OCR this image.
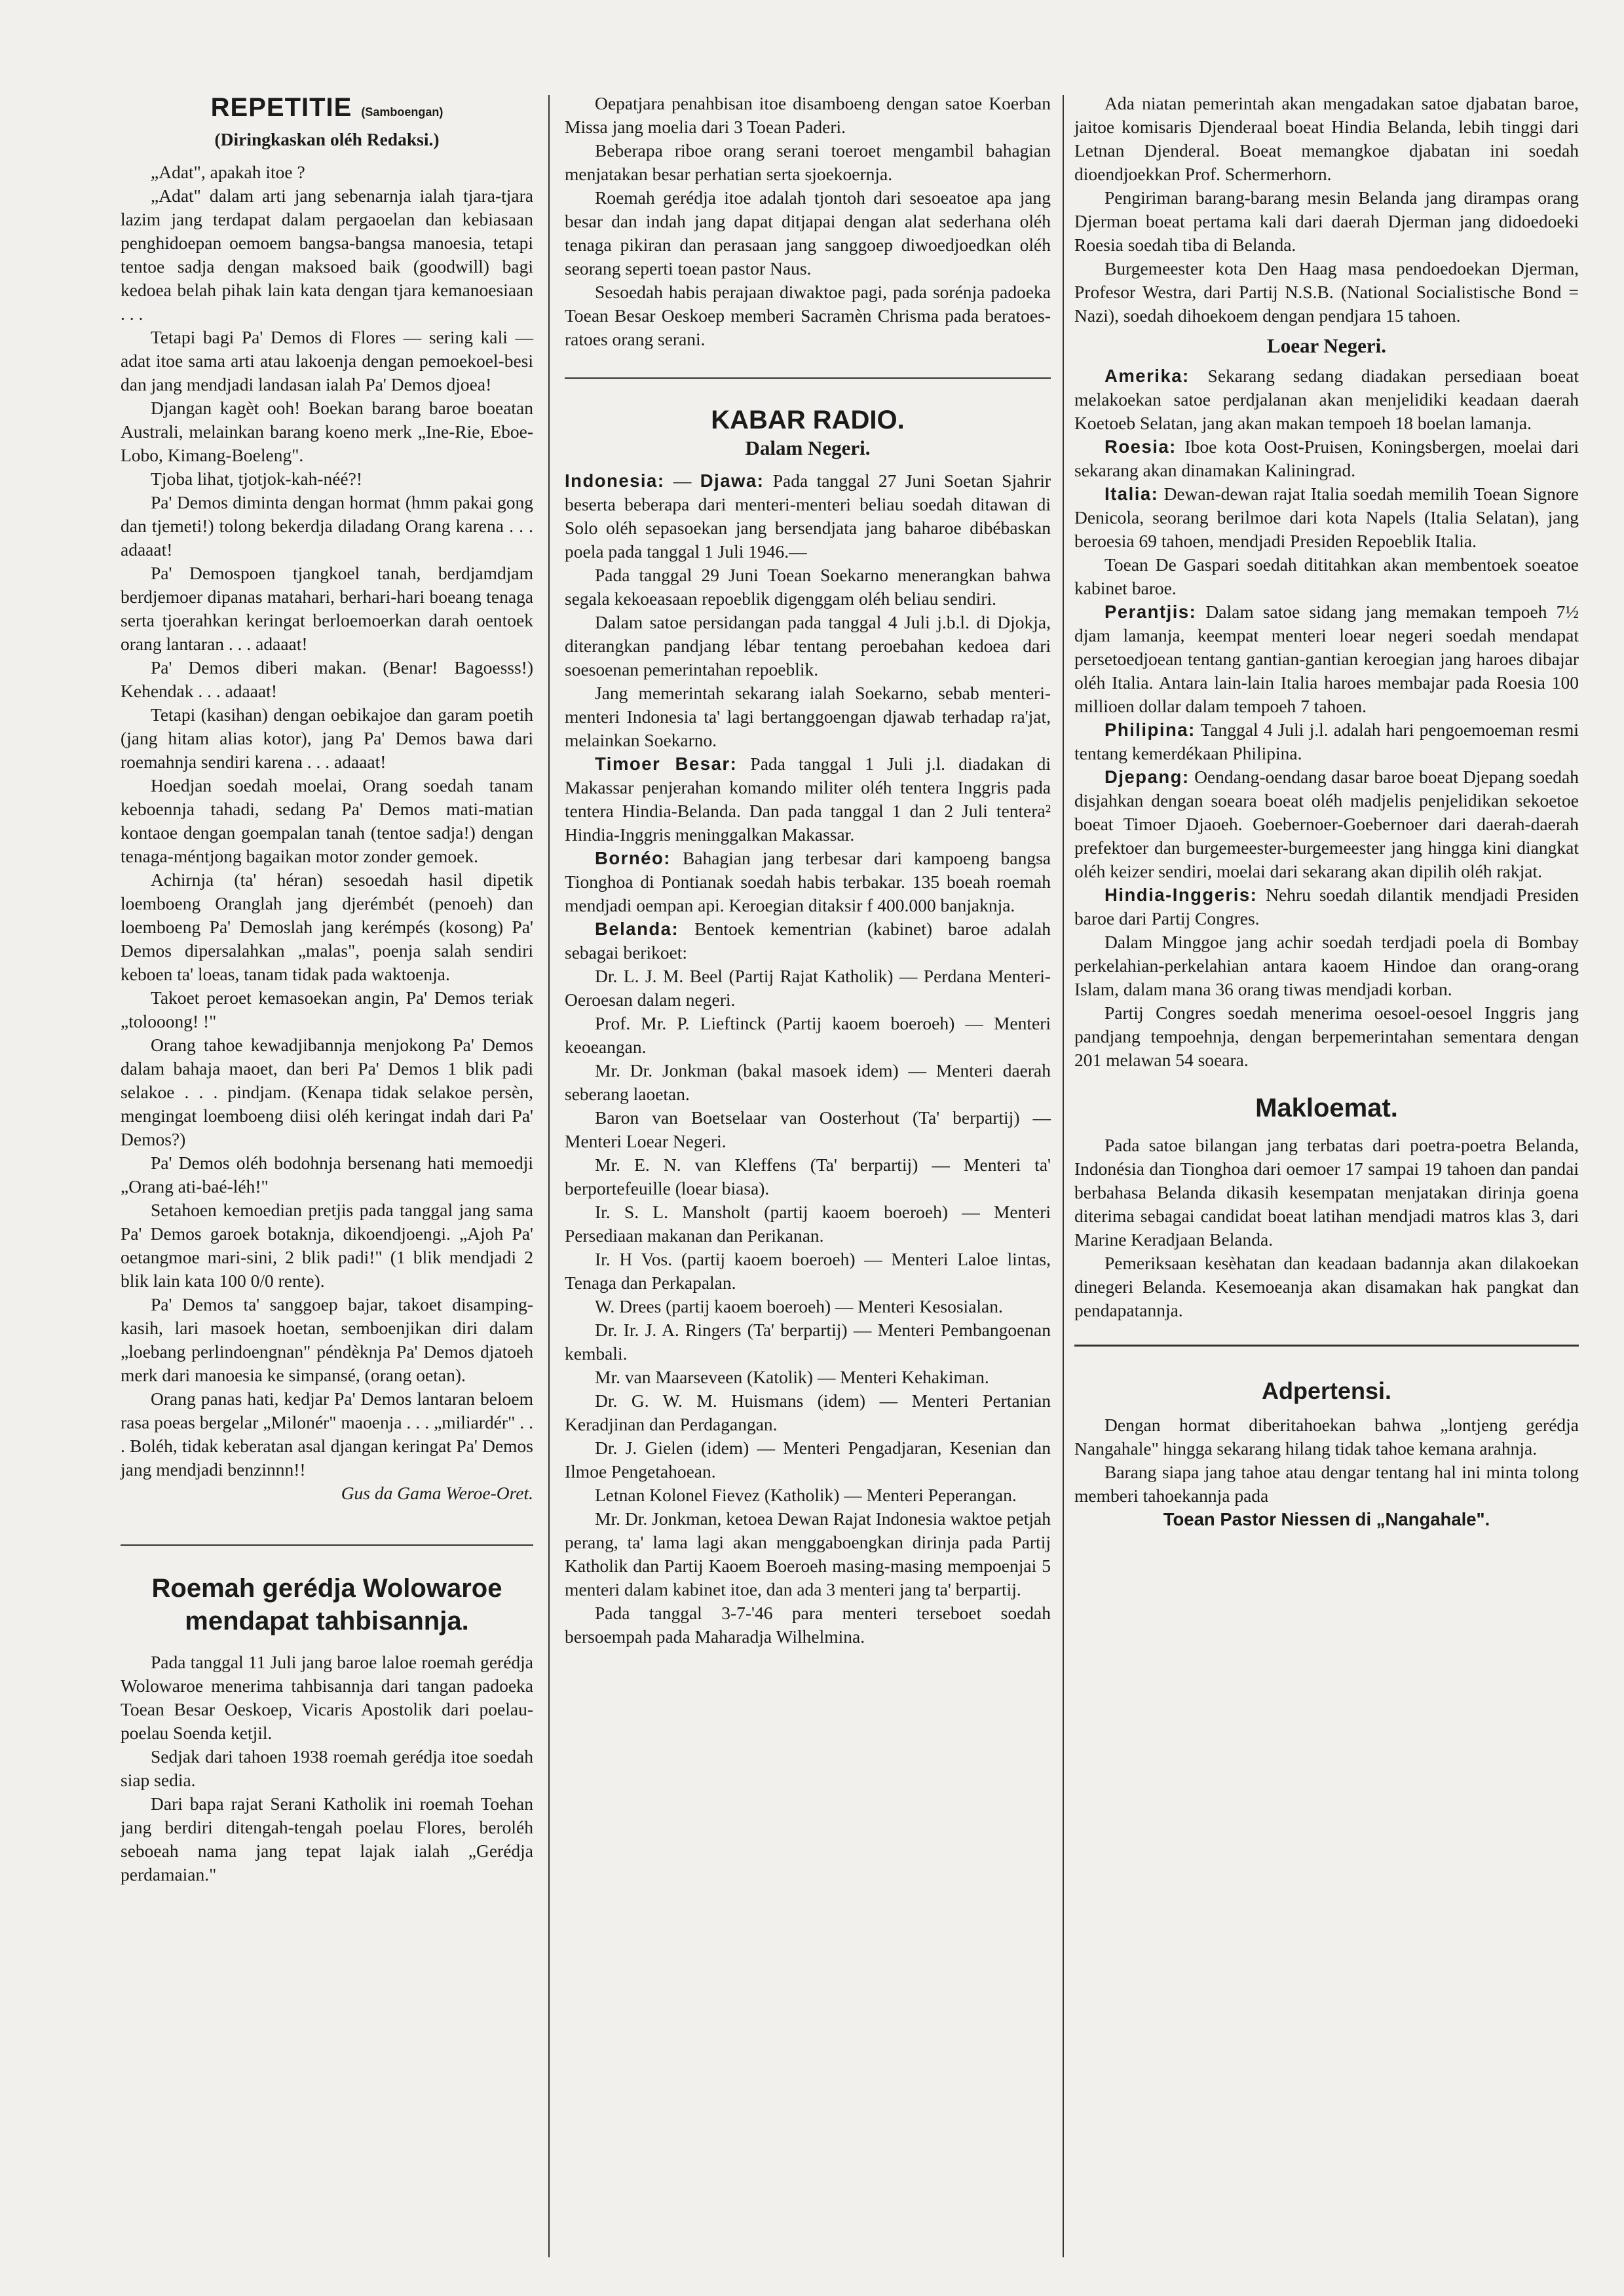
REPETITIE (Samboengan)
(Diringkaskan oléh Redaksi.)

„Adat", apakah itoe ?

„Adat" dalam arti jang sebenarnja ialah tjara-tjara lazim jang terdapat dalam pergaoelan dan kebiasaan penghidoepan oemoem bangsa-bangsa manoesia, tetapi tentoe sadja dengan maksoed baik (goodwill) bagi kedoea belah pihak lain kata dengan tjara kemanoesiaan . . .

Tetapi bagi Pa' Demos di Flores — sering kali — adat itoe sama arti atau lakoenja dengan pemoekoel-besi dan jang mendjadi landasan ialah Pa' Demos djoea!

Djangan kagèt ooh! Boekan barang baroe boeatan Australi, melainkan barang koeno merk „Ine-Rie, Eboe-Lobo, Kimang-Boeleng".

Tjoba lihat, tjotjok-kah-néé?!

Pa' Demos diminta dengan hormat (hmm pakai gong dan tjemeti!) tolong bekerdja diladang Orang karena . . . adaaat!

Pa' Demospoen tjangkoel tanah, berdjamdjam berdjemoer dipanas matahari, berhari-hari boeang tenaga serta tjoerahkan keringat berloemoerkan darah oentoek orang lantaran . . . adaaat!

Pa' Demos diberi makan. (Benar! Bagoesss!) Kehendak . . . adaaat!

Tetapi (kasihan) dengan oebikajoe dan garam poetih (jang hitam alias kotor), jang Pa' Demos bawa dari roemahnja sendiri karena . . . adaaat!

Hoedjan soedah moelai, Orang soedah tanam keboennja tahadi, sedang Pa' Demos mati-matian kontaoe dengan goempalan tanah (tentoe sadja!) dengan tenaga-méntjong bagaikan motor zonder gemoek.

Achirnja (ta' héran) sesoedah hasil dipetik loemboeng Oranglah jang djerémbét (penoeh) dan loemboeng Pa' Demoslah jang kerémpés (kosong) Pa' Demos dipersalahkan „malas", poenja salah sendiri keboen ta' loeas, tanam tidak pada waktoenja.

Takoet peroet kemasoekan angin, Pa' Demos teriak „tolooong! !"

Orang tahoe kewadjibannja menjokong Pa' Demos dalam bahaja maoet, dan beri Pa' Demos 1 blik padi selakoe . . . pindjam. (Kenapa tidak selakoe persèn, mengingat loemboeng diisi oléh keringat indah dari Pa' Demos?)

Pa' Demos oléh bodohnja bersenang hati memoedji „Orang ati-baé-léh!"

Setahoen kemoedian pretjis pada tanggal jang sama Pa' Demos garoek botaknja, dikoendjoengi. „Ajoh Pa' oetangmoe mari-sini, 2 blik padi!" (1 blik mendjadi 2 blik lain kata 100 0/0 rente).

Pa' Demos ta' sanggoep bajar, takoet disamping-kasih, lari masoek hoetan, semboenjikan diri dalam „loebang perlindoengnan" péndèknja Pa' Demos djatoeh merk dari manoesia ke simpansé, (orang oetan).

Orang panas hati, kedjar Pa' Demos lantaran beloem rasa poeas bergelar „Milonér" maoenja . . . „miliardér" . . . Boléh, tidak keberatan asal djangan keringat Pa' Demos jang mendjadi benzinnn!!

Gus da Gama Weroe-Oret.
Roemah gerédja Wolowaroe mendapat tahbisannja.

Pada tanggal 11 Juli jang baroe laloe roemah gerédja Wolowaroe menerima tahbisannja dari tangan padoeka Toean Besar Oeskoep, Vicaris Apostolik dari poelau-poelau Soenda ketjil.

Sedjak dari tahoen 1938 roemah gerédja itoe soedah siap sedia.

Dari bapa rajat Serani Katholik ini roemah Toehan jang berdiri ditengah-tengah poelau Flores, beroléh seboeah nama jang tepat lajak ialah „Gerédja perdamaian."

Oepatjara penahbisan itoe disamboeng dengan satoe Koerban Missa jang moelia dari 3 Toean Paderi.

Beberapa riboe orang serani toeroet mengambil bahagian menjatakan besar perhatian serta sjoekoernja.

Roemah gerédja itoe adalah tjontoh dari sesoeatoe apa jang besar dan indah jang dapat ditjapai dengan alat sederhana oléh tenaga pikiran dan perasaan jang sanggoep diwoedjoedkan oléh seorang seperti toean pastor Naus.

Sesoedah habis perajaan diwaktoe pagi, pada sorénja padoeka Toean Besar Oeskoep memberi Sacramèn Chrisma pada beratoes-ratoes orang serani.

KABAR RADIO.
Dalam Negeri.

Indonesia: — Djawa: Pada tanggal 27 Juni Soetan Sjahrir beserta beberapa dari menteri-menteri beliau soedah ditawan di Solo oléh sepasoekan jang bersendjata jang baharoe dibébaskan poela pada tanggal 1 Juli 1946.—

Pada tanggal 29 Juni Toean Soekarno menerangkan bahwa segala kekoeasaan repoeblik digenggam oléh beliau sendiri.

Dalam satoe persidangan pada tanggal 4 Juli j.b.l. di Djokja, diterangkan pandjang lébar tentang peroebahan kedoea dari soesoenan pemerintahan repoeblik.

Jang memerintah sekarang ialah Soekarno, sebab menteri-menteri Indonesia ta' lagi bertanggoengan djawab terhadap ra'jat, melainkan Soekarno.

Timoer Besar: Pada tanggal 1 Juli j.l. diadakan di Makassar penjerahan komando militer oléh tentera Inggris pada tentera Hindia-Belanda. Dan pada tanggal 1 dan 2 Juli tentera² Hindia-Inggris meninggalkan Makassar.

Bornéo: Bahagian jang terbesar dari kampoeng bangsa Tionghoa di Pontianak soedah habis terbakar. 135 boeah roemah mendjadi oempan api. Keroegian ditaksir f 400.000 banjaknja.

Belanda: Bentoek kementrian (kabinet) baroe adalah sebagai berikoet:

Dr. L. J. M. Beel (Partij Rajat Katholik) — Perdana Menteri-Oeroesan dalam negeri.

Prof. Mr. P. Lieftinck (Partij kaoem boeroeh) — Menteri keoeangan.

Mr. Dr. Jonkman (bakal masoek idem) — Menteri daerah seberang laoetan.

Baron van Boetselaar van Oosterhout (Ta' berpartij) — Menteri Loear Negeri.

Mr. E. N. van Kleffens (Ta' berpartij) — Menteri ta' berportefeuille (loear biasa).

Ir. S. L. Mansholt (partij kaoem boeroeh) — Menteri Persediaan makanan dan Perikanan.

Ir. H Vos. (partij kaoem boeroeh) — Menteri Laloe lintas, Tenaga dan Perkapalan.

W. Drees (partij kaoem boeroeh) — Menteri Kesosialan.

Dr. Ir. J. A. Ringers (Ta' berpartij) — Menteri Pembangoenan kembali.

Mr. van Maarseveen (Katolik) — Menteri Kehakiman.

Dr. G. W. M. Huismans (idem) — Menteri Pertanian Keradjinan dan Perdagangan.

Dr. J. Gielen (idem) — Menteri Pengadjaran, Kesenian dan Ilmoe Pengetahoean.

Letnan Kolonel Fievez (Katholik) — Menteri Peperangan.

Mr. Dr. Jonkman, ketoea Dewan Rajat Indonesia waktoe petjah perang, ta' lama lagi akan menggaboengkan dirinja pada Partij Katholik dan Partij Kaoem Boeroeh masing-masing mempoenjai 5 menteri dalam kabinet itoe, dan ada 3 menteri jang ta' berpartij.

Pada tanggal 3-7-'46 para menteri terseboet soedah bersoempah pada Maharadja Wilhelmina.

Ada niatan pemerintah akan mengadakan satoe djabatan baroe, jaitoe komisaris Djenderaal boeat Hindia Belanda, lebih tinggi dari Letnan Djenderal. Boeat memangkoe djabatan ini soedah dioendjoekkan Prof. Schermerhorn.

Pengiriman barang-barang mesin Belanda jang dirampas orang Djerman boeat pertama kali dari daerah Djerman jang didoedoeki Roesia soedah tiba di Belanda.

Burgemeester kota Den Haag masa pendoedoekan Djerman, Profesor Westra, dari Partij N.S.B. (National Socialistische Bond = Nazi), soedah dihoekoem dengan pendjara 15 tahoen.

Loear Negeri.

Amerika: Sekarang sedang diadakan persediaan boeat melakoekan satoe perdjalanan akan menjelidiki keadaan daerah Koetoeb Selatan, jang akan makan tempoeh 18 boelan lamanja.

Roesia: Iboe kota Oost-Pruisen, Koningsbergen, moelai dari sekarang akan dinamakan Kaliningrad.

Italia: Dewan-dewan rajat Italia soedah memilih Toean Signore Denicola, seorang berilmoe dari kota Napels (Italia Selatan), jang beroesia 69 tahoen, mendjadi Presiden Repoeblik Italia.

Toean De Gaspari soedah dititahkan akan membentoek soeatoe kabinet baroe.

Perantjis: Dalam satoe sidang jang memakan tempoeh 7½ djam lamanja, keempat menteri loear negeri soedah mendapat persetoedjoean tentang gantian-gantian keroegian jang haroes dibajar oléh Italia. Antara lain-lain Italia haroes membajar pada Roesia 100 millioen dollar dalam tempoeh 7 tahoen.

Philipina: Tanggal 4 Juli j.l. adalah hari pengoemoeman resmi tentang kemerdékaan Philipina.

Djepang: Oendang-oendang dasar baroe boeat Djepang soedah disjahkan dengan soeara boeat oléh madjelis penjelidikan sekoetoe boeat Timoer Djaoeh. Goebernoer-Goebernoer dari daerah-daerah prefektoer dan burgemeester-burgemeester jang hingga kini diangkat oléh keizer sendiri, moelai dari sekarang akan dipilih oléh rakjat.

Hindia-Inggeris: Nehru soedah dilantik mendjadi Presiden baroe dari Partij Congres.

Dalam Minggoe jang achir soedah terdjadi poela di Bombay perkelahian-perkelahian antara kaoem Hindoe dan orang-orang Islam, dalam mana 36 orang tiwas mendjadi korban.

Partij Congres soedah menerima oesoel-oesoel Inggris jang pandjang tempoehnja, dengan berpemerintahan sementara dengan 201 melawan 54 soeara.

Makloemat.

Pada satoe bilangan jang terbatas dari poetra-poetra Belanda, Indonésia dan Tionghoa dari oemoer 17 sampai 19 tahoen dan pandai berbahasa Belanda dikasih kesempatan menjatakan dirinja goena diterima sebagai candidat boeat latihan mendjadi matros klas 3, dari Marine Keradjaan Belanda.

Pemeriksaan kesèhatan dan keadaan badannja akan dilakoekan dinegeri Belanda. Kesemoeanja akan disamakan hak pangkat dan pendapatannja.

Adpertensi.

Dengan hormat diberitahoekan bahwa „lontjeng gerédja Nangahale" hingga sekarang hilang tidak tahoe kemana arahnja.

Barang siapa jang tahoe atau dengar tentang hal ini minta tolong memberi tahoekannja pada

Toean Pastor Niessen di „Nangahale".
